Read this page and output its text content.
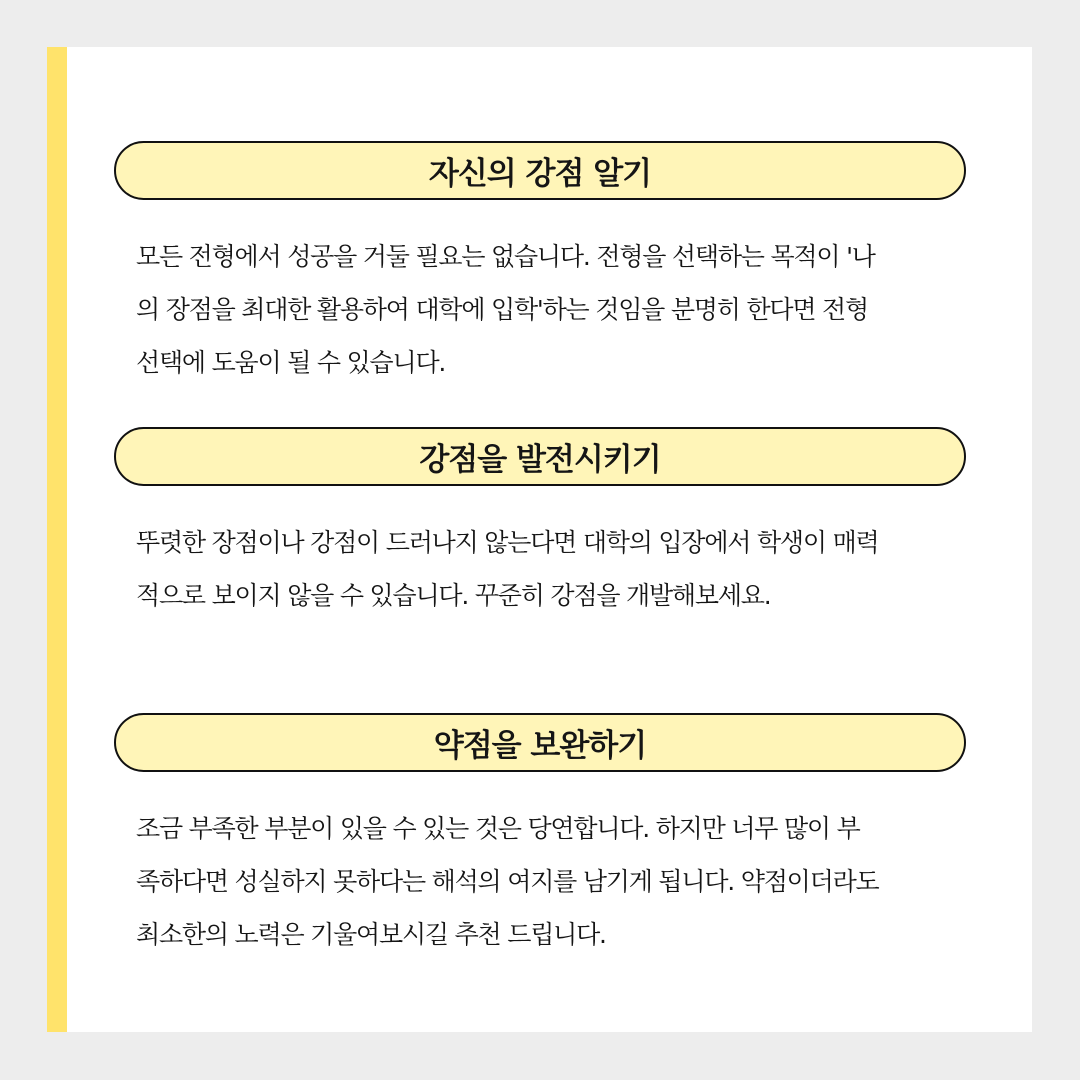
자신의 강점 알기

모든 전형에서 성공을 거둘 필요는 없습니다. 전형을 선택하는 목적이 '나
의 장점을 최대한 활용하여 대학에 입학'하는 것임을 분명히 한다면 전형
선택에 도움이 될 수 있습니다.

강점을 발전시키기

뚜렷한 장점이나 강점이 드러나지 않는다면 대학의 입장에서 학생이 매력
적으로 보이지 않을 수 있습니다. 꾸준히 강점을 개발해보세요.

약점을 보완하기

조금 부족한 부분이 있을 수 있는 것은 당연합니다. 하지만 너무 많이 부
족하다면 성실하지 못하다는 해석의 여지를 남기게 됩니다. 약점이더라도
최소한의 노력은 기울여보시길 추천 드립니다.
